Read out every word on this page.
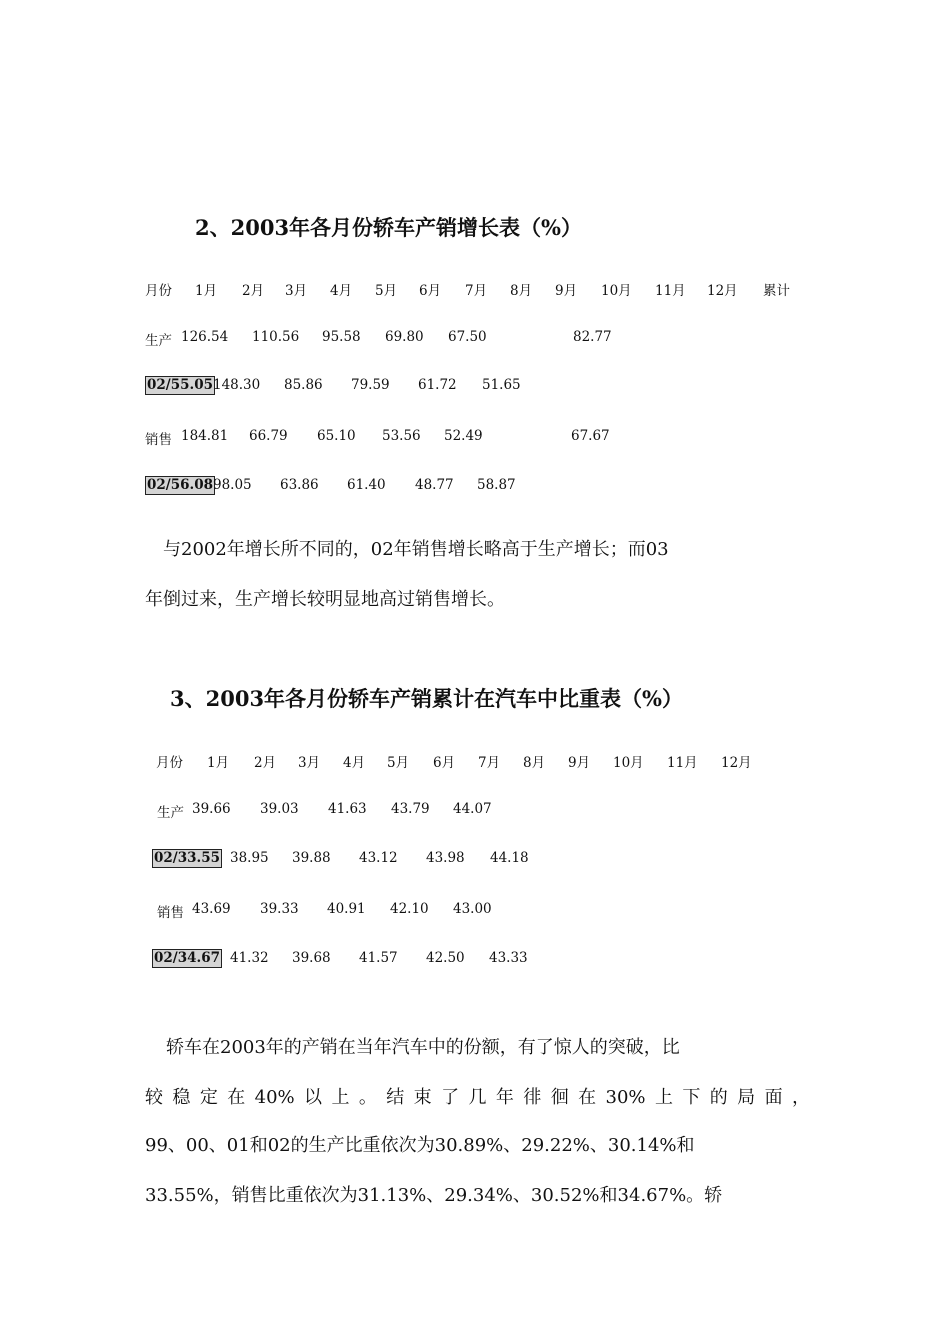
2、2003年各月份轿车产销增长表（%）
月份 1月 2月 3月 4月 5月 6月 7月 8月 9月 10月 11月 12月 累计
生产 126.54 110.56 95.58 69.80 67.50	82.77
02/55.05 148.30 85.86 79.59 61.72 51.65
销售 184.81 66.79 65.10 53.56 52.49	67.67
02/56.08 98.05 63.86 61.40 48.77 58.87
与2002年增长所不同的，02年销售增长略高于生产增长；而03
年倒过来，生产增长较明显地高过销售增长。
3、2003年各月份轿车产销累计在汽车中比重表（%）
月份 1月 2月 3月 4月 5月 6月 7月 8月 9月 10月 11月 12月
生产 39.66 39.03 41.63 43.79 44.07
02/33.55 38.95 39.88 43.12 43.98 44.18
销售 43.69 39.33 40.91 42.10 43.00
02/34.67 41.32 39.68 41.57 42.50 43.33
轿车在2003年的产销在当年汽车中的份额，有了惊人的突破，比
较 稳 定 在 40% 以 上 。 结 束 了 几 年 徘 徊 在 30% 上 下 的 局 面 ，
99、00、01和02的生产比重依次为30.89%、29.22%、30.14%和
33.55%，销售比重依次为31.13%、29.34%、30.52%和34.67%。轿
